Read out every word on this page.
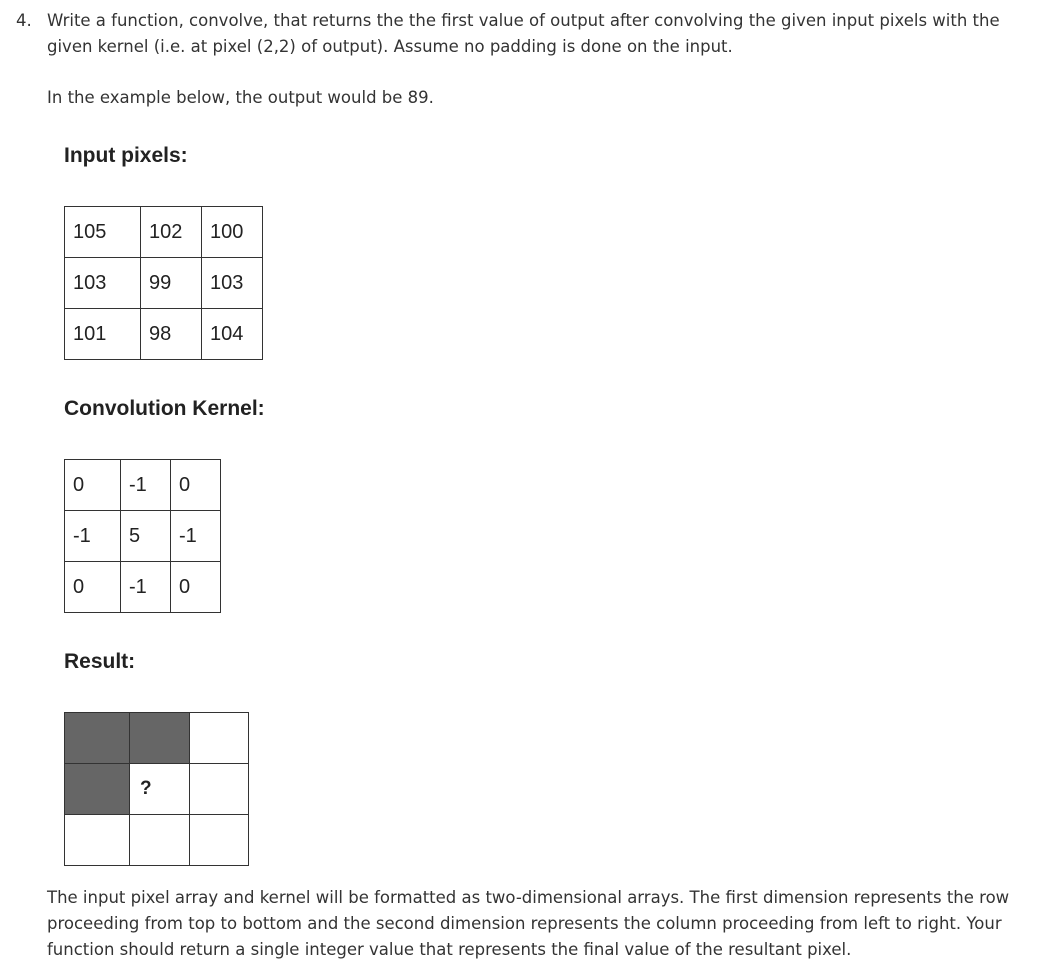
4. Write a function, convolve, that returns the the first value of output after convolving the given input pixels with the given kernel (i.e. at pixel (2,2) of output). Assume no padding is done on the input.

In the example below, the output would be 89.

Input pixels:
105	102	100
103	99	103
101	98	104
Convolution Kernel:
0	-1	0
-1	5	-1
0	-1	0
Result:

	?	

The input pixel array and kernel will be formatted as two-dimensional arrays. The first dimension represents the row proceeding from top to bottom and the second dimension represents the column proceeding from left to right. Your function should return a single integer value that represents the final value of the resultant pixel.
